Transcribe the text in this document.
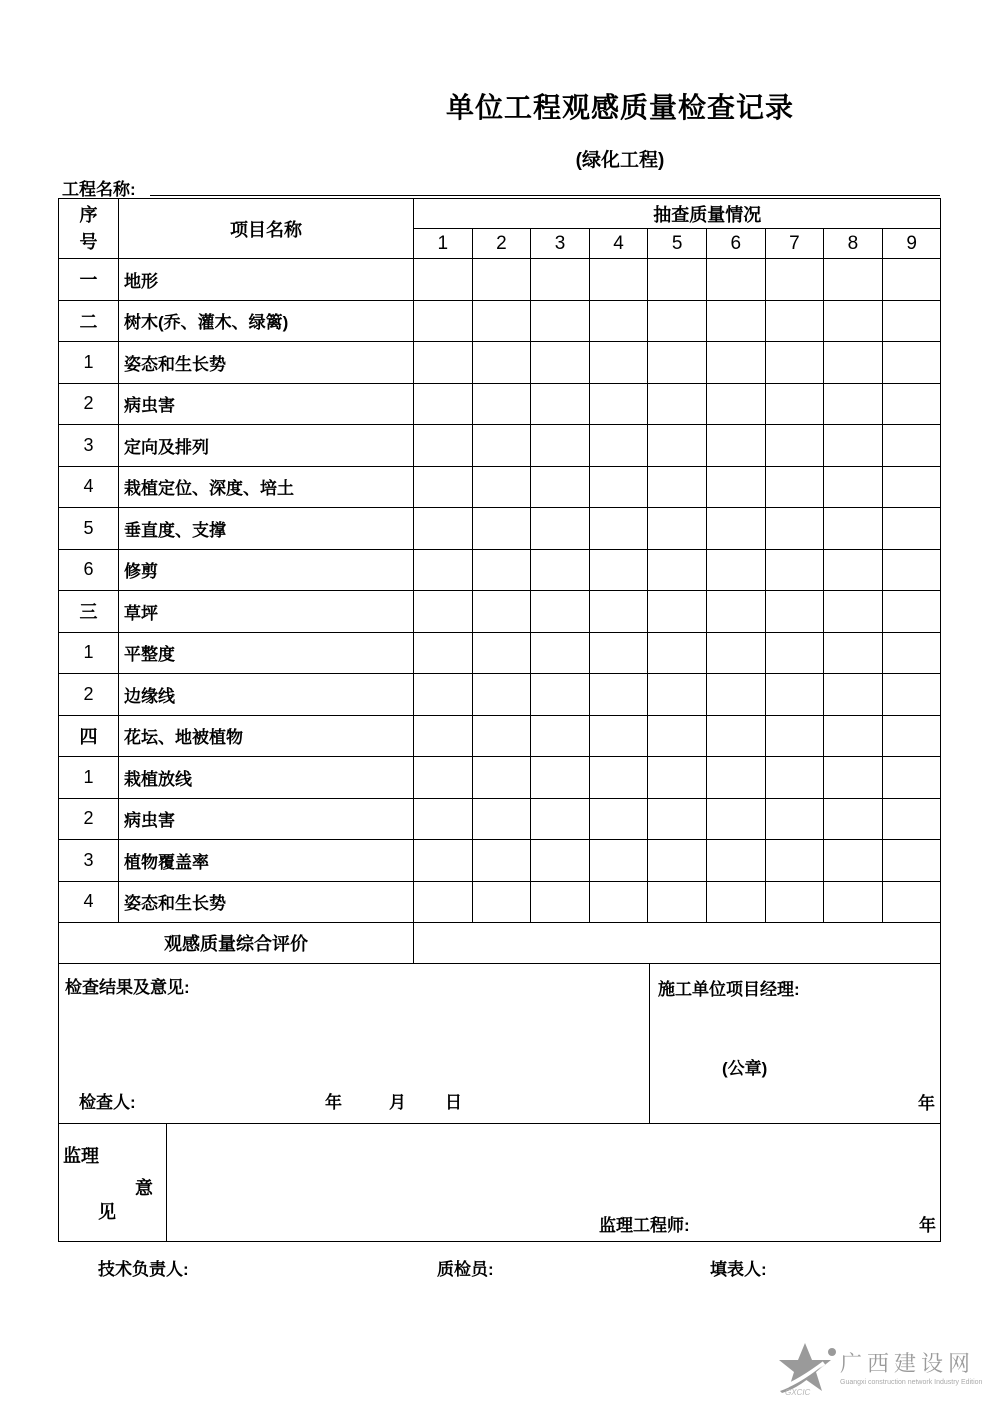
单位工程观感质量检查记录
(绿化工程)
工程名称:
序号	项目名称	抽查质量情况								
		1	2	3	4	5	6	7	8	9
一	地形									
二	树木(乔、灌木、绿篱)									
1	姿态和生长势									
2	病虫害									
3	定向及排列									
4	栽植定位、深度、培土									
5	垂直度、支撑									
6	修剪									
三	草坪									
1	平整度									
2	边缘线									
四	花坛、地被植物									
1	栽植放线									
2	病虫害									
3	植物覆盖率									
4	姿态和生长势									
观感质量综合评价										
检查结果及意见:
检查人:	年	月 日
施工单位项目经理:
(公章)
年
监理
意
见
监理工程师:	年
技术负责人:	质检员:	填表人:
GXCIC
广西建设网
Guangxi construction network Industry Edition
